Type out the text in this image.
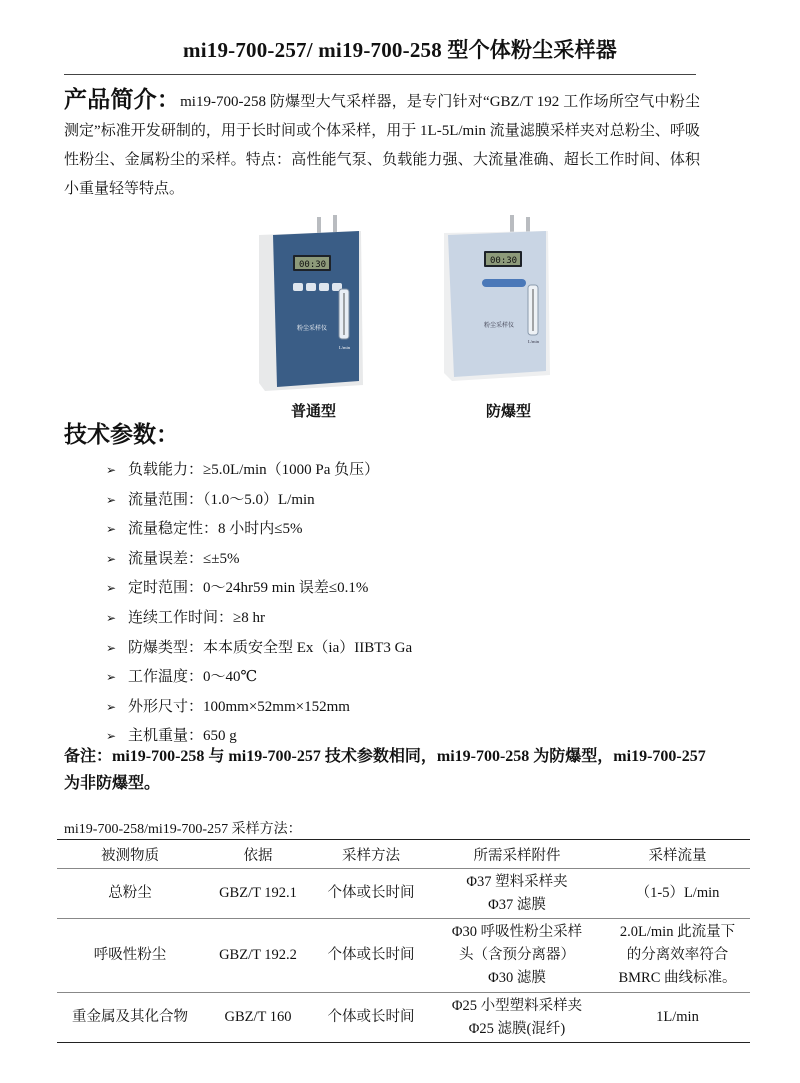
mi19-700-257/ mi19-700-258 型个体粉尘采样器
产品简介：mi19-700-258 防爆型大气采样器，是专门针对“GBZ/T 192 工作场所空气中粉尘测定”标准开发研制的，用于长时间或个体采样，用于 1L-5L/min 流量滤膜采样夹对总粉尘、呼吸性粉尘、金属粉尘的采样。特点：高性能气泵、负载能力强、大流量准确、超长工作时间、体积小重量轻等特点。
00:30
粉尘采样仪
L/min
普通型
00:30
粉尘采样仪
L/min
防爆型
技术参数：
➢ 负载能力：≥5.0L/min（1000 Pa 负压）
➢ 流量范围：（1.0～5.0）L/min
➢ 流量稳定性：8 小时内≤5%
➢ 流量误差：≤±5%
➢ 定时范围：0～24hr59 min 误差≤0.1%
➢ 连续工作时间：≥8 hr
➢ 防爆类型：本本质安全型 Ex（ia）IIBT3 Ga
➢ 工作温度：0～40℃
➢ 外形尺寸：100mm×52mm×152mm
➢ 主机重量：650 g
备注：mi19-700-258 与 mi19-700-257 技术参数相同，mi19-700-258 为防爆型，mi19-700-257 为非防爆型。
mi19-700-258/mi19-700-257 采样方法：
被测物质	依据	采样方法	所需采样附件	采样流量
总粉尘	GBZ/T 192.1	个体或长时间	Φ37 塑料采样夹
Φ37 滤膜	（1-5）L/min

呼吸性粉尘	GBZ/T 192.2	个体或长时间	Φ30 呼吸性粉尘采样
头（含预分离器）
Φ30 滤膜	2.0L/min 此流量下
的分离效率符合
BMRC 曲线标准。

重金属及其化合物	GBZ/T 160	个体或长时间	Φ25 小型塑料采样夹
Φ25 滤膜(混纤)	1L/min
